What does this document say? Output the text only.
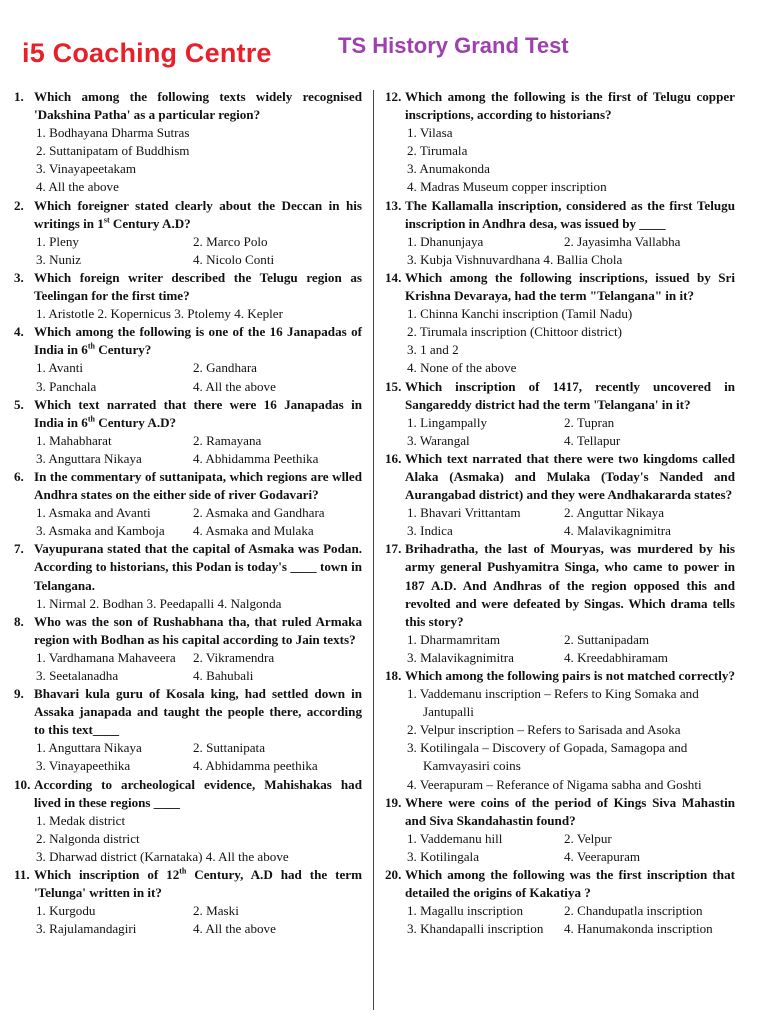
i5 Coaching Centre	TS History Grand Test
1. Which among the following texts widely recognised 'Dakshina Patha' as a particular region?
1. Bodhayana Dharma Sutras
2. Suttanipatam of Buddhism
3. Vinayapeetakam
4. All the above
2. Which foreigner stated clearly about the Deccan in his writings in 1st Century A.D?
1. Pleny	2. Marco Polo
3. Nuniz	4. Nicolo Conti
3. Which foreign writer described the Telugu region as Teelingan for the first time?
1. Aristotle 2. Kopernicus 3. Ptolemy 4. Kepler
4. Which among the following is one of the 16 Janapadas of India in 6th Century?
1. Avanti	2. Gandhara
3. Panchala	4. All the above
5. Which text narrated that there were 16 Janapadas in India in 6th Century A.D?
1. Mahabharat	2. Ramayana
3. Anguttara Nikaya	4. Abhidamma Peethika
6. In the commentary of suttanipata, which regions are wlled Andhra states on the either side of river Godavari?
1. Asmaka and Avanti	2. Asmaka and Gandhara
3. Asmaka and Kamboja	4. Asmaka and Mulaka
7. Vayupurana stated that the capital of Asmaka was Podan. According to historians, this Podan is today's ____ town in Telangana.
1. Nirmal 2. Bodhan 3. Peedapalli 4. Nalgonda
8. Who was the son of Rushabhana tha, that ruled Armaka region with Bodhan as his capital according to Jain texts?
1. Vardhamana Mahaveera	2. Vikramendra
3. Seetalanadha	4. Bahubali
9. Bhavari kula guru of Kosala king, had settled down in Assaka janapada and taught the people there, according to this text____
1. Anguttara Nikaya	2. Suttanipata
3. Vinayapeethika	4. Abhidamma peethika
10. According to archeological evidence, Mahishakas had lived in these regions ____
1. Medak district
2. Nalgonda district
3. Dharwad district (Karnataka) 4. All the above
11. Which inscription of 12th Century, A.D had the term 'Telunga' written in it?
1. Kurgodu	2. Maski
3. Rajulamandagiri	4. All the above
12. Which among the following is the first of Telugu copper inscriptions, according to historians?
1. Vilasa
2. Tirumala
3. Anumakonda
4. Madras Museum copper inscription
13. The Kallamalla inscription, considered as the first Telugu inscription in Andhra desa, was issued by ____
1. Dhanunjaya	2. Jayasimha Vallabha
3. Kubja Vishnuvardhana 4. Ballia Chola
14. Which among the following inscriptions, issued by Sri Krishna Devaraya, had the term "Telangana" in it?
1. Chinna Kanchi inscription (Tamil Nadu)
2. Tirumala inscription (Chittoor district)
3. 1 and 2
4. None of the above
15. Which inscription of 1417, recently uncovered in Sangareddy district had the term 'Telangana' in it?
1. Lingampally	2. Tupran
3. Warangal	4. Tellapur
16. Which text narrated that there were two kingdoms called Alaka (Asmaka) and Mulaka (Today's Nanded and Aurangabad district) and they were Andhakararda states?
1. Bhavari Vrittantam	2. Anguttar Nikaya
3. Indica	4. Malavikagnimitra
17. Brihadratha, the last of Mouryas, was murdered by his army general Pushyamitra Singa, who came to power in 187 A.D. And Andhras of the region opposed this and revolted and were defeated by Singas. Which drama tells this story?
1. Dharmamritam	2. Suttanipadam
3. Malavikagnimitra	4. Kreedabhiramam
18. Which among the following pairs is not matched correctly?
1. Vaddemanu inscription – Refers to King Somaka and Jantupalli
2. Velpur inscription – Refers to Sarisada and Asoka
3. Kotilingala – Discovery of Gopada, Samagopa and Kamvayasiri coins
4. Veerapuram – Referance of Nigama sabha and Goshti
19. Where were coins of the period of Kings Siva Mahastin and Siva Skandahastin found?
1. Vaddemanu hill	2. Velpur
3. Kotilingala	4. Veerapuram
20. Which among the following was the first inscription that detailed the origins of Kakatiya ?
1. Magallu inscription	2. Chandupatla inscription
3. Khandapalli inscription	4. Hanumakonda inscription
